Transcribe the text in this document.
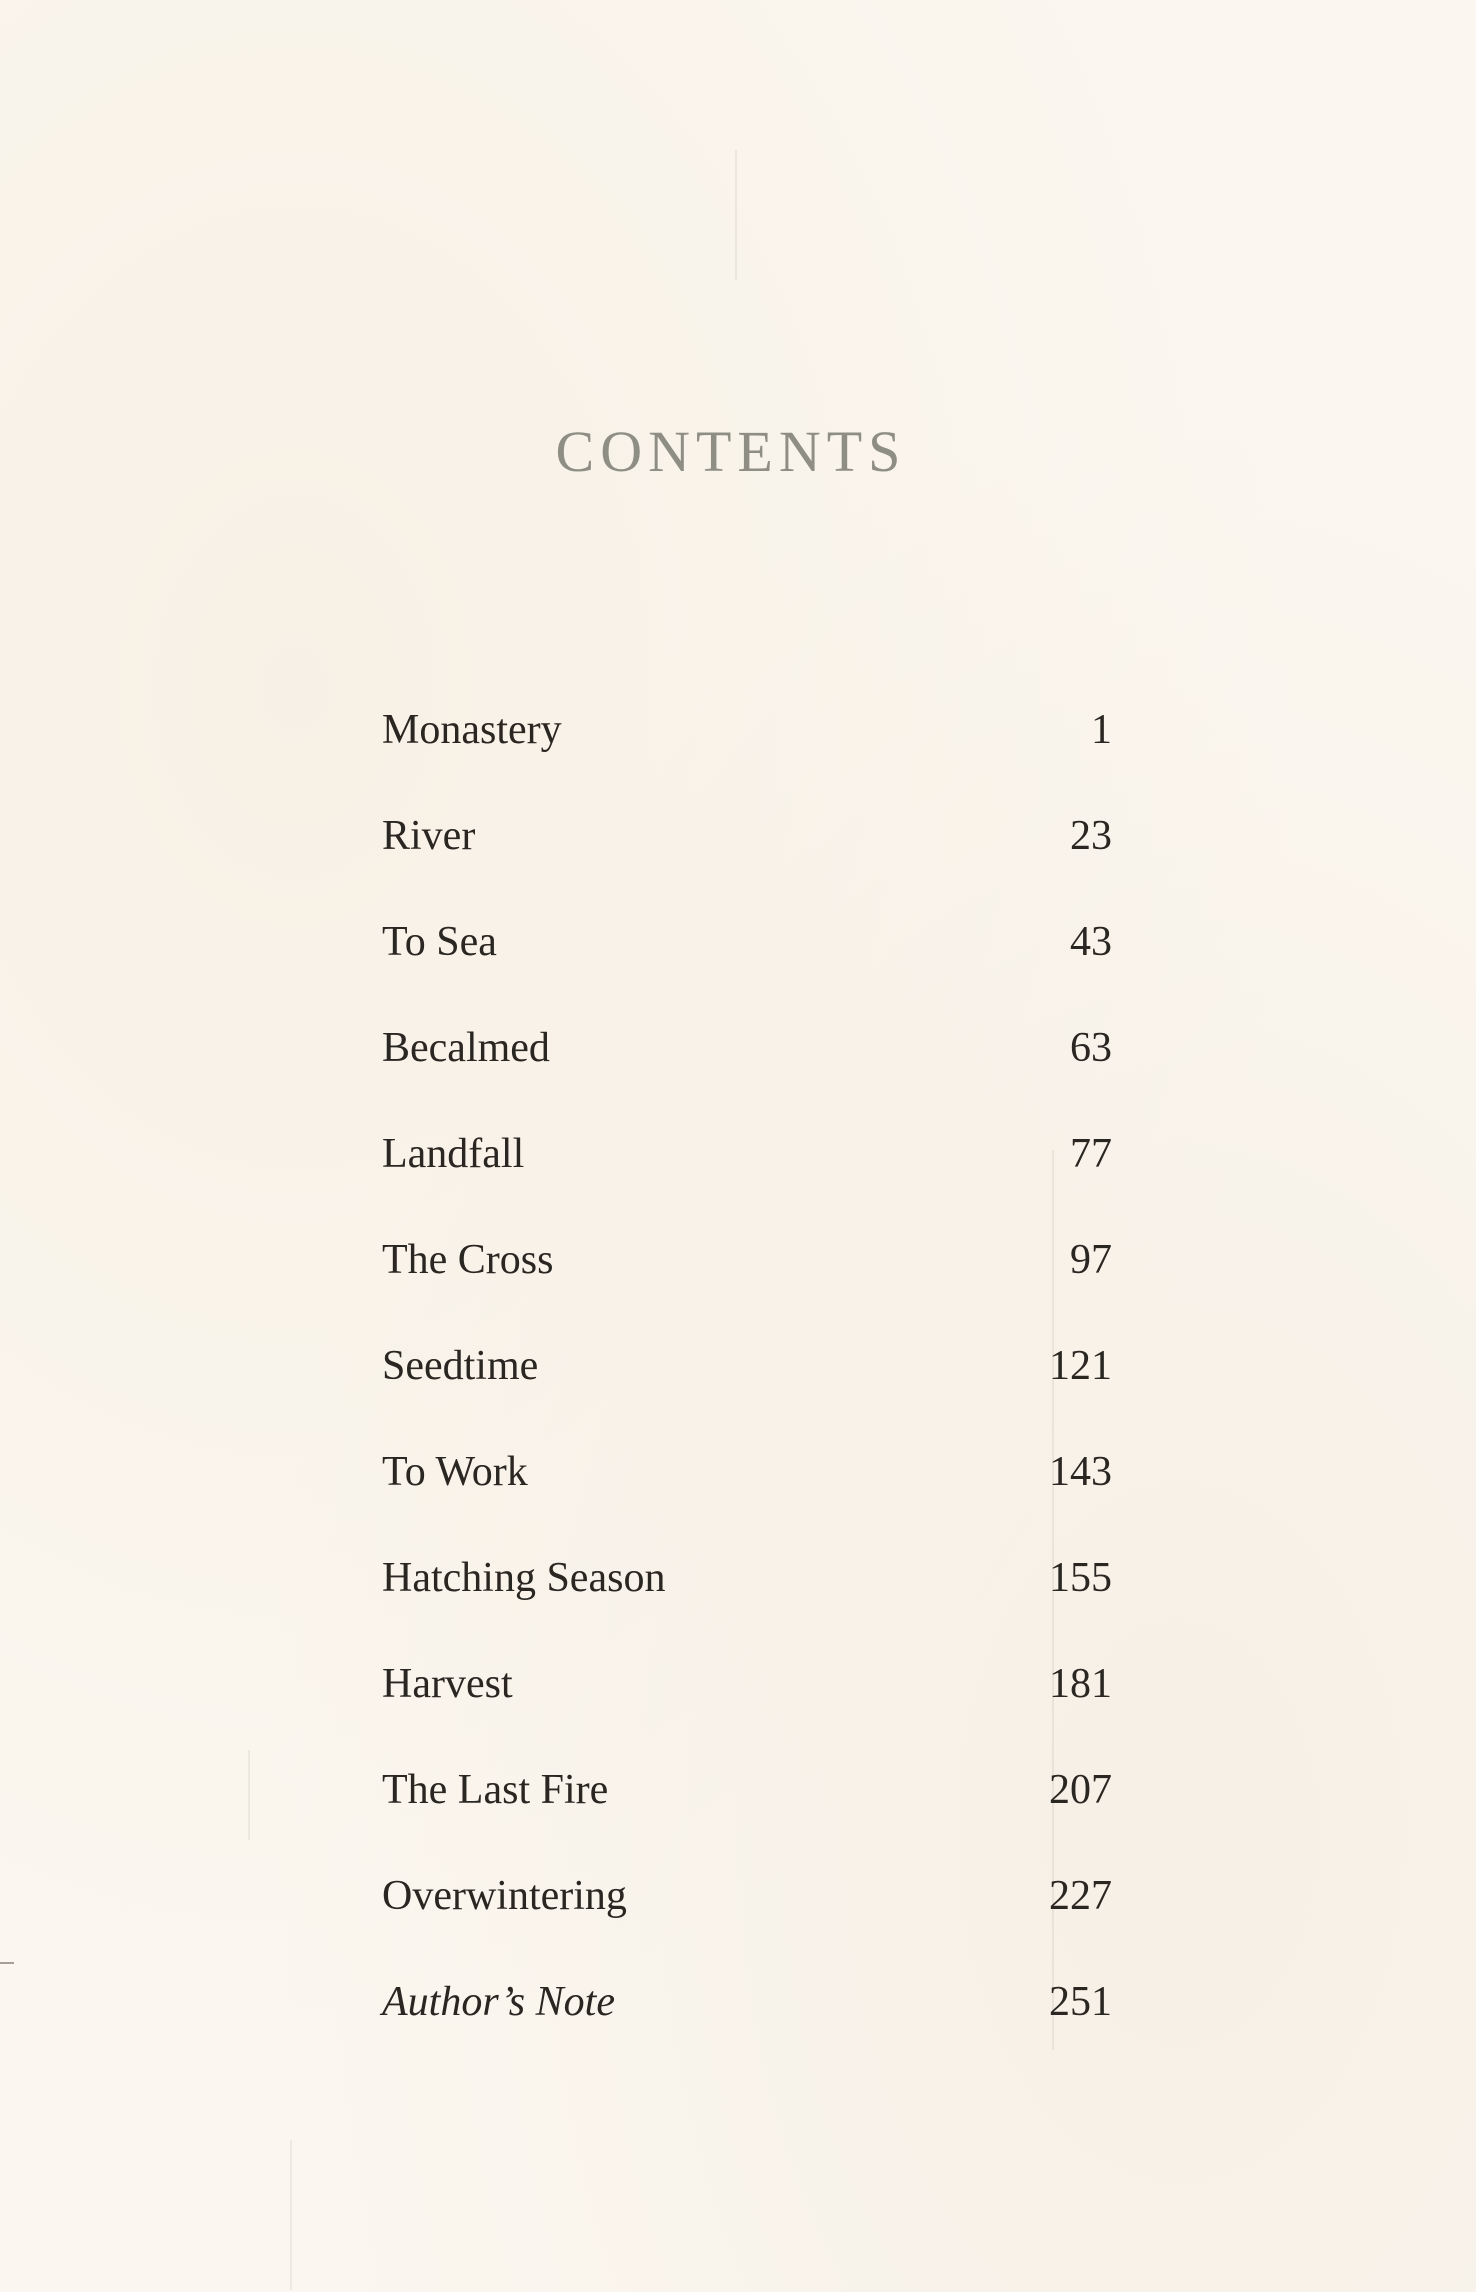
CONTENTS
Monastery	1
River	23
To Sea	43
Becalmed	63
Landfall	77
The Cross	97
Seedtime	121
To Work	143
Hatching Season	155
Harvest	181
The Last Fire	207
Overwintering	227
Author’s Note	251
